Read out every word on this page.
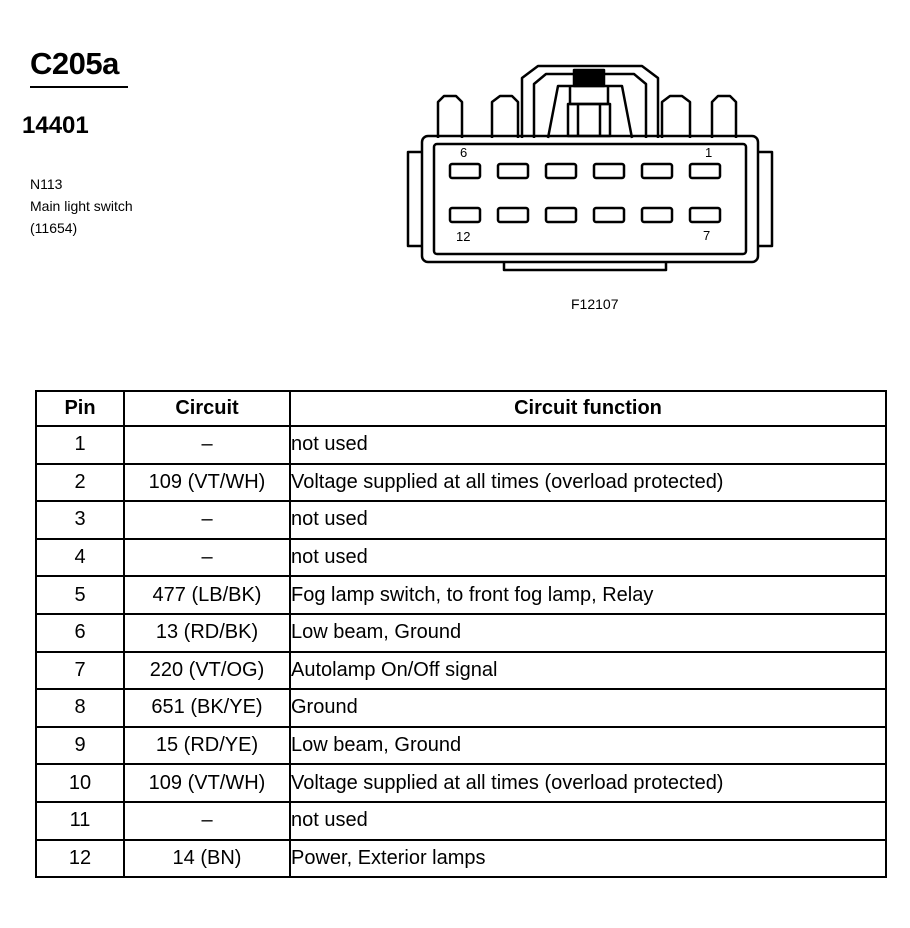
C205a
14401
N113
Main light switch
(11654)
6	1
12	7
F12107
Pin	Circuit	Circuit function
1	–	not used
2	109 (VT/WH)	Voltage supplied at all times (overload protected)
3	–	not used
4	–	not used
5	477 (LB/BK)	Fog lamp switch, to front fog lamp, Relay
6	13 (RD/BK)	Low beam, Ground
7	220 (VT/OG)	Autolamp On/Off signal
8	651 (BK/YE)	Ground
9	15 (RD/YE)	Low beam, Ground
10	109 (VT/WH)	Voltage supplied at all times (overload protected)
11	–	not used
12	14 (BN)	Power, Exterior lamps
